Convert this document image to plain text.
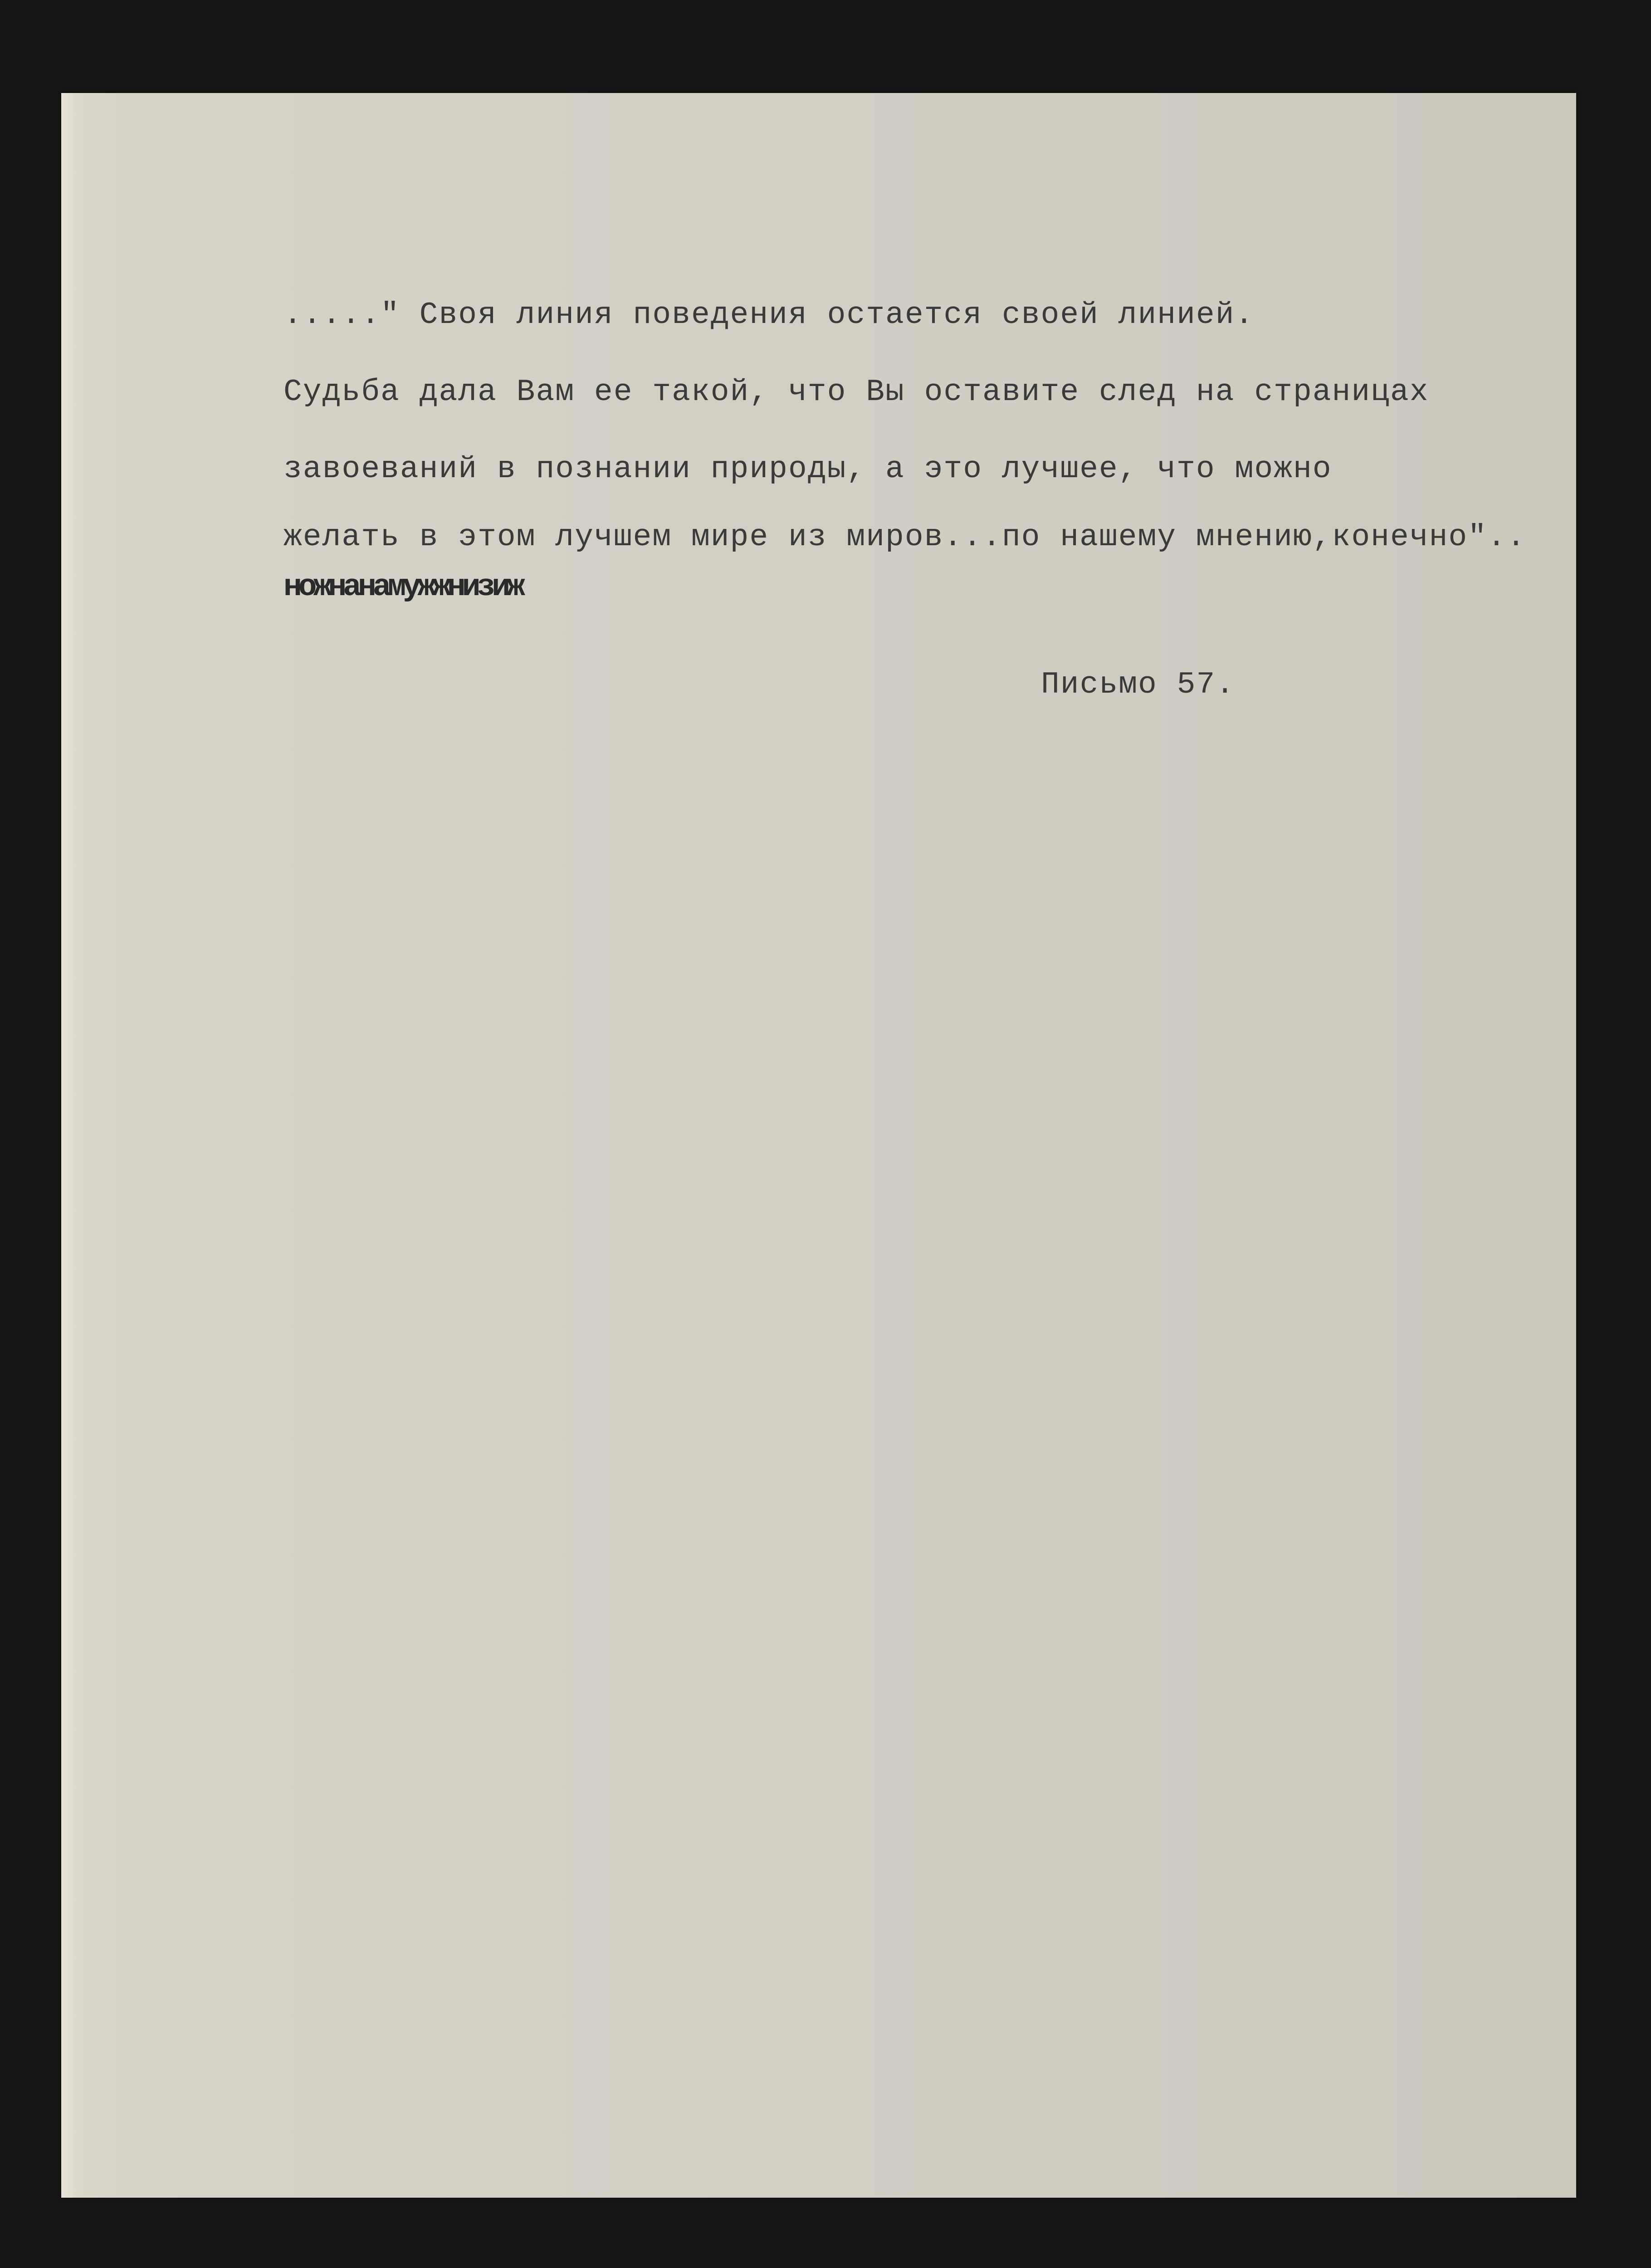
....." Своя линия поведения остается своей линией.

Судьба дала Вам ее такой, что Вы оставите след на страницах

завоеваний в познании природы, а это лучшее, что можно

желать в этом лучшем мире из миров...по нашему мнению,конечно"..

ножнанамужжнизиж

Письмо 57.
